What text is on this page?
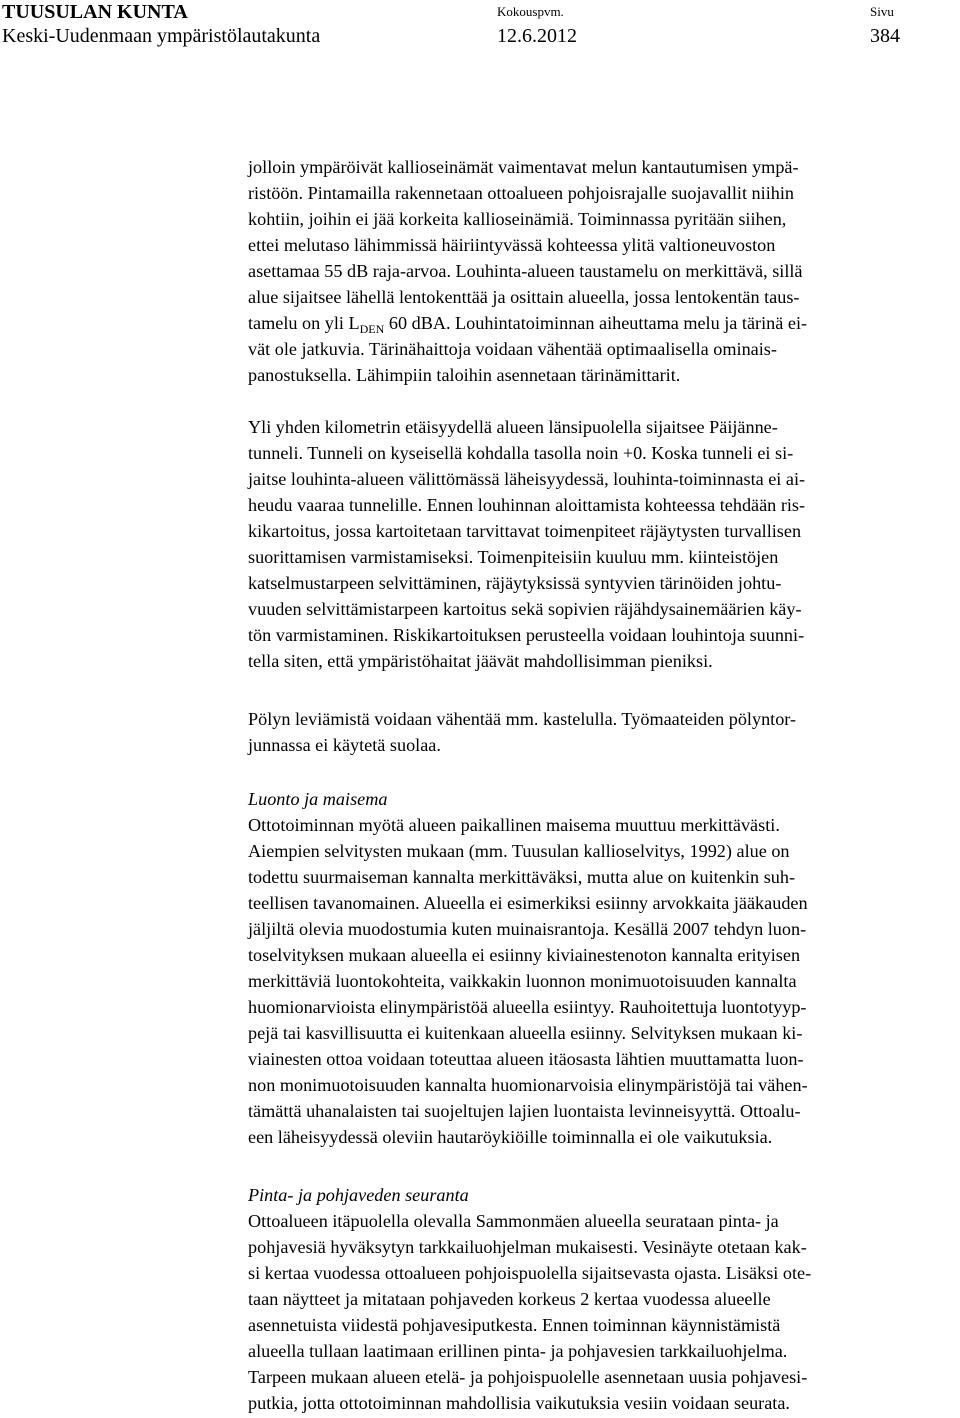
TUUSULAN KUNTA
Keski-Uudenmaan ympäristölautakunta
Kokouspvm.
12.6.2012
Sivu
384
jolloin ympäröivät kallioseinämät vaimentavat melun kantautumisen ympä-
ristöön. Pintamailla rakennetaan ottoalueen pohjoisrajalle suojavallit niihin
kohtiin, joihin ei jää korkeita kallioseinämiä. Toiminnassa pyritään siihen,
ettei melutaso lähimmissä häiriintyvässä kohteessa ylitä valtioneuvoston
asettamaa 55 dB raja-arvoa. Louhinta-alueen taustamelu on merkittävä, sillä
alue sijaitsee lähellä lentokenttää ja osittain alueella, jossa lentokentän taus-
tamelu on yli $L_{DEN}$ 60 dBA. Louhintatoiminnan aiheuttama melu ja tärinä ei-
vät ole jatkuvia. Tärinähaittoja voidaan vähentää optimaalisella ominais-
panostuksella. Lähimpiin taloihin asennetaan tärinämittarit.
Yli yhden kilometrin etäisyydellä alueen länsipuolella sijaitsee Päijänne-
tunneli. Tunneli on kyseisellä kohdalla tasolla noin +0. Koska tunneli ei si-
jaitse louhinta-alueen välittömässä läheisyydessä, louhinta-toiminnasta ei ai-
heudu vaaraa tunnelille. Ennen louhinnan aloittamista kohteessa tehdään ris-
kikartoitus, jossa kartoitetaan tarvittavat toimenpiteet räjäytysten turvallisen
suorittamisen varmistamiseksi. Toimenpiteisiin kuuluu mm. kiinteistöjen
katselmustarpeen selvittäminen, räjäytyksissä syntyvien tärinöiden johtu-
vuuden selvittämistarpeen kartoitus sekä sopivien räjähdysainemäärien käy-
tön varmistaminen. Riskikartoituksen perusteella voidaan louhintoja suunni-
tella siten, että ympäristöhaitat jäävät mahdollisimman pieniksi.
Pölyn leviämistä voidaan vähentää mm. kastelulla. Työmaateiden pölyntor-
junnassa ei käytetä suolaa.
Luonto ja maisema
Ottotoiminnan myötä alueen paikallinen maisema muuttuu merkittävästi.
Aiempien selvitysten mukaan (mm. Tuusulan kallioselvitys, 1992) alue on
todettu suurmaiseman kannalta merkittäväksi, mutta alue on kuitenkin suh-
teellisen tavanomainen. Alueella ei esimerkiksi esiinny arvokkaita jääkauden
jäljiltä olevia muodostumia kuten muinaisrantoja. Kesällä 2007 tehdyn luon-
toselvityksen mukaan alueella ei esiinny kiviainestenoton kannalta erityisen
merkittäviä luontokohteita, vaikkakin luonnon monimuotoisuuden kannalta
huomionarvioista elinympäristöä alueella esiintyy. Rauhoitettuja luontotyyp-
pejä tai kasvillisuutta ei kuitenkaan alueella esiinny. Selvityksen mukaan ki-
viainesten ottoa voidaan toteuttaa alueen itäosasta lähtien muuttamatta luon-
non monimuotoisuuden kannalta huomionarvoisia elinympäristöjä tai vähen-
tämättä uhanalaisten tai suojeltujen lajien luontaista levinneisyyttä. Ottoalu-
een läheisyydessä oleviin hautaröykiöille toiminnalla ei ole vaikutuksia.
Pinta- ja pohjaveden seuranta
Ottoalueen itäpuolella olevalla Sammonmäen alueella seurataan pinta- ja
pohjavesiä hyväksytyn tarkkailuohjelman mukaisesti. Vesinäyte otetaan kak-
si kertaa vuodessa ottoalueen pohjoispuolella sijaitsevasta ojasta. Lisäksi ote-
taan näytteet ja mitataan pohjaveden korkeus 2 kertaa vuodessa alueelle
asennetuista viidestä pohjavesiputkesta. Ennen toiminnan käynnistämistä
alueella tullaan laatimaan erillinen pinta- ja pohjavesien tarkkailuohjelma.
Tarpeen mukaan alueen etelä- ja pohjoispuolelle asennetaan uusia pohjavesi-
putkia, jotta ottotoiminnan mahdollisia vaikutuksia vesiin voidaan seurata.
